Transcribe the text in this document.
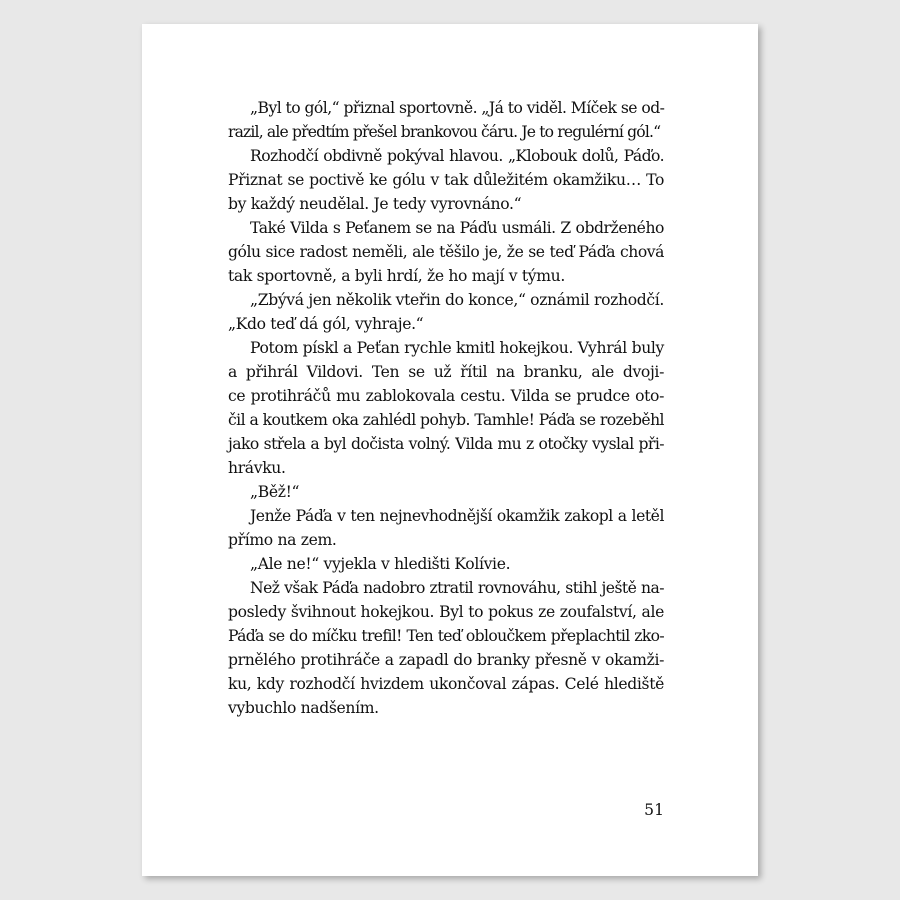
„Byl to gól,“ přiznal sportovně. „Já to viděl. Míček se od-
razil, ale předtím přešel brankovou čáru. Je to regulérní gól.“
Rozhodčí obdivně pokýval hlavou. „Klobouk dolů, Páďo.
Přiznat se poctivě ke gólu v tak důležitém okamžiku… To
by každý neudělal. Je tedy vyrovnáno.“
Také Vilda s Peťanem se na Páďu usmáli. Z obdrženého
gólu sice radost neměli, ale těšilo je, že se teď Páďa chová
tak sportovně, a byli hrdí, že ho mají v týmu.
„Zbývá jen několik vteřin do konce,“ oznámil rozhodčí.
„Kdo teď dá gól, vyhraje.“
Potom pískl a Peťan rychle kmitl hokejkou. Vyhrál buly
a přihrál Vildovi. Ten se už řítil na branku, ale dvoji-
ce protihráčů mu zablokovala cestu. Vilda se prudce oto-
čil a koutkem oka zahlédl pohyb. Tamhle! Páďa se rozeběhl
jako střela a byl dočista volný. Vilda mu z otočky vyslal při-
hrávku.
„Běž!“
Jenže Páďa v ten nejnevhodnější okamžik zakopl a letěl
přímo na zem.
„Ale ne!“ vyjekla v hledišti Kolívie.
Než však Páďa nadobro ztratil rovnováhu, stihl ještě na-
posledy švihnout hokejkou. Byl to pokus ze zoufalství, ale
Páďa se do míčku trefil! Ten teď obloučkem přeplachtil zko-
prnělého protihráče a zapadl do branky přesně v okamži-
ku, kdy rozhodčí hvizdem ukončoval zápas. Celé hlediště
vybuchlo nadšením.
51
